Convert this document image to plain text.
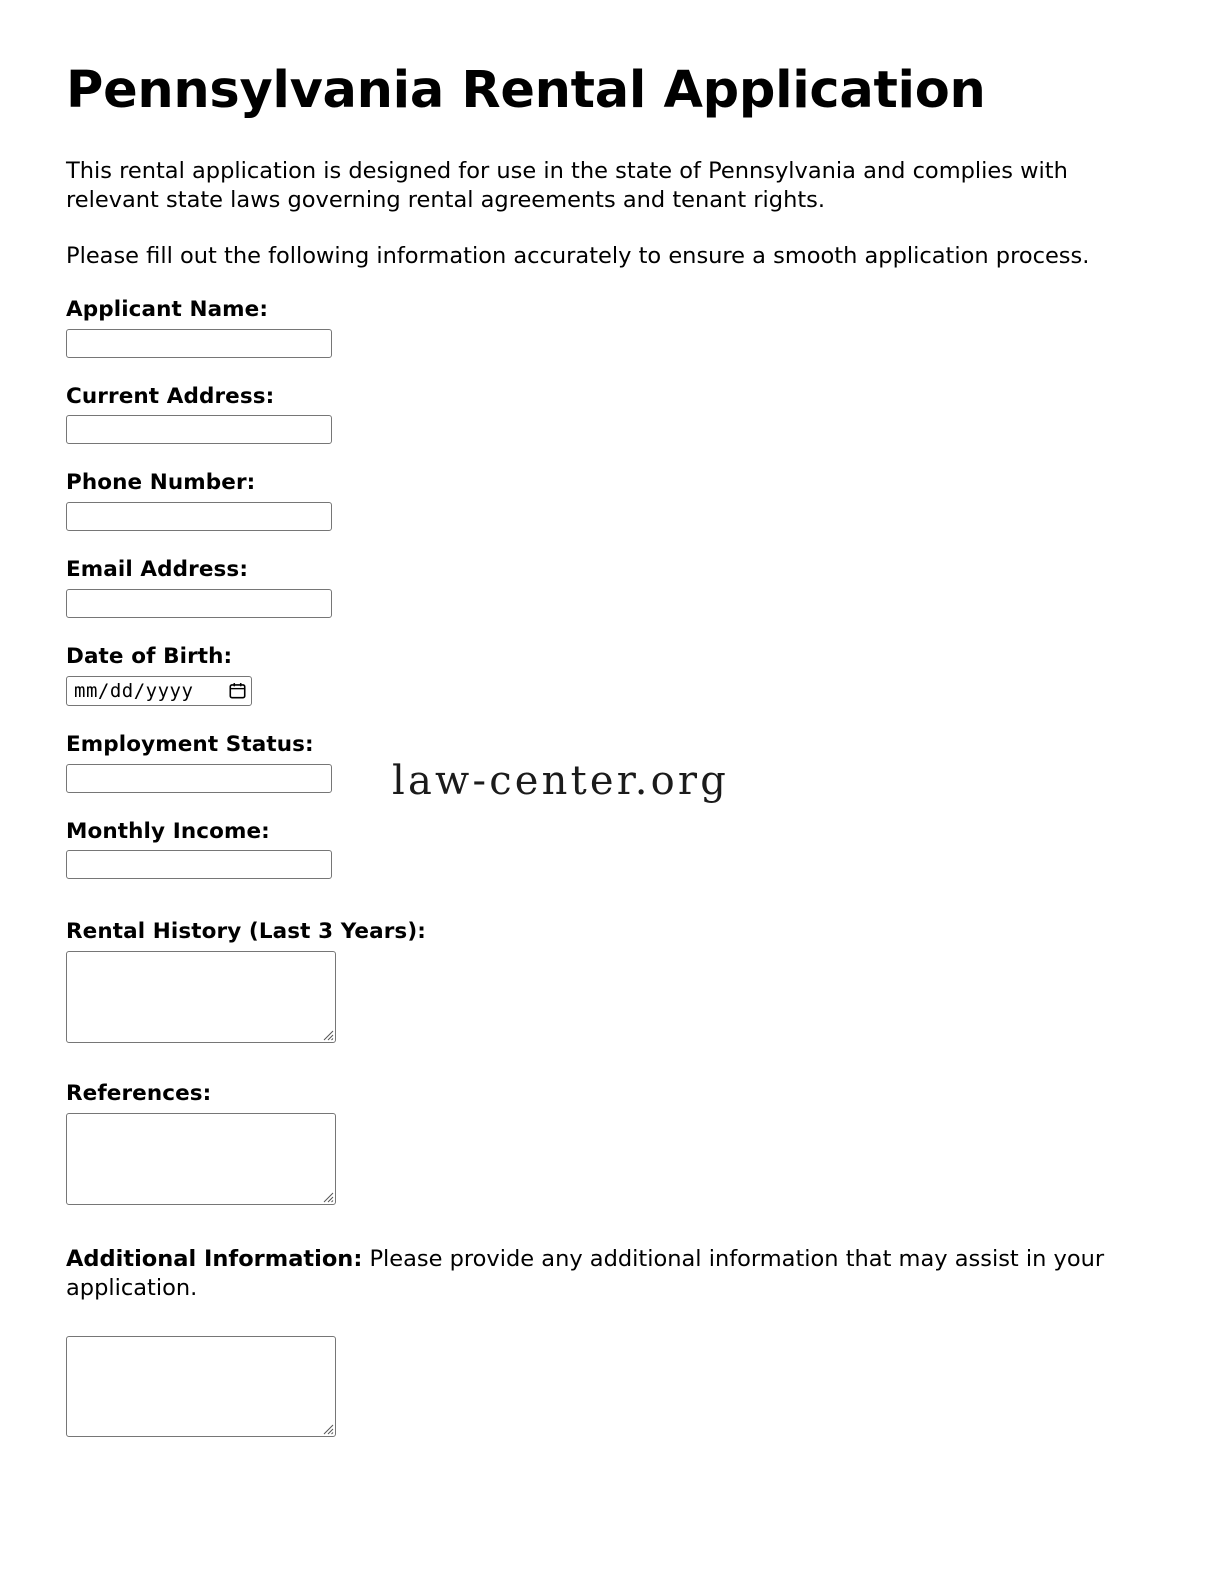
Pennsylvania Rental Application

This rental application is designed for use in the state of Pennsylvania and complies with relevant state laws governing rental agreements and tenant rights.

Please fill out the following information accurately to ensure a smooth application process.

Applicant Name:
Current Address:
Phone Number:
Email Address:
Date of Birth:
mm/dd/yyyy
Employment Status:
Monthly Income:
Rental History (Last 3 Years):
References:

Additional Information: Please provide any additional information that may assist in your application.

law-center.org
